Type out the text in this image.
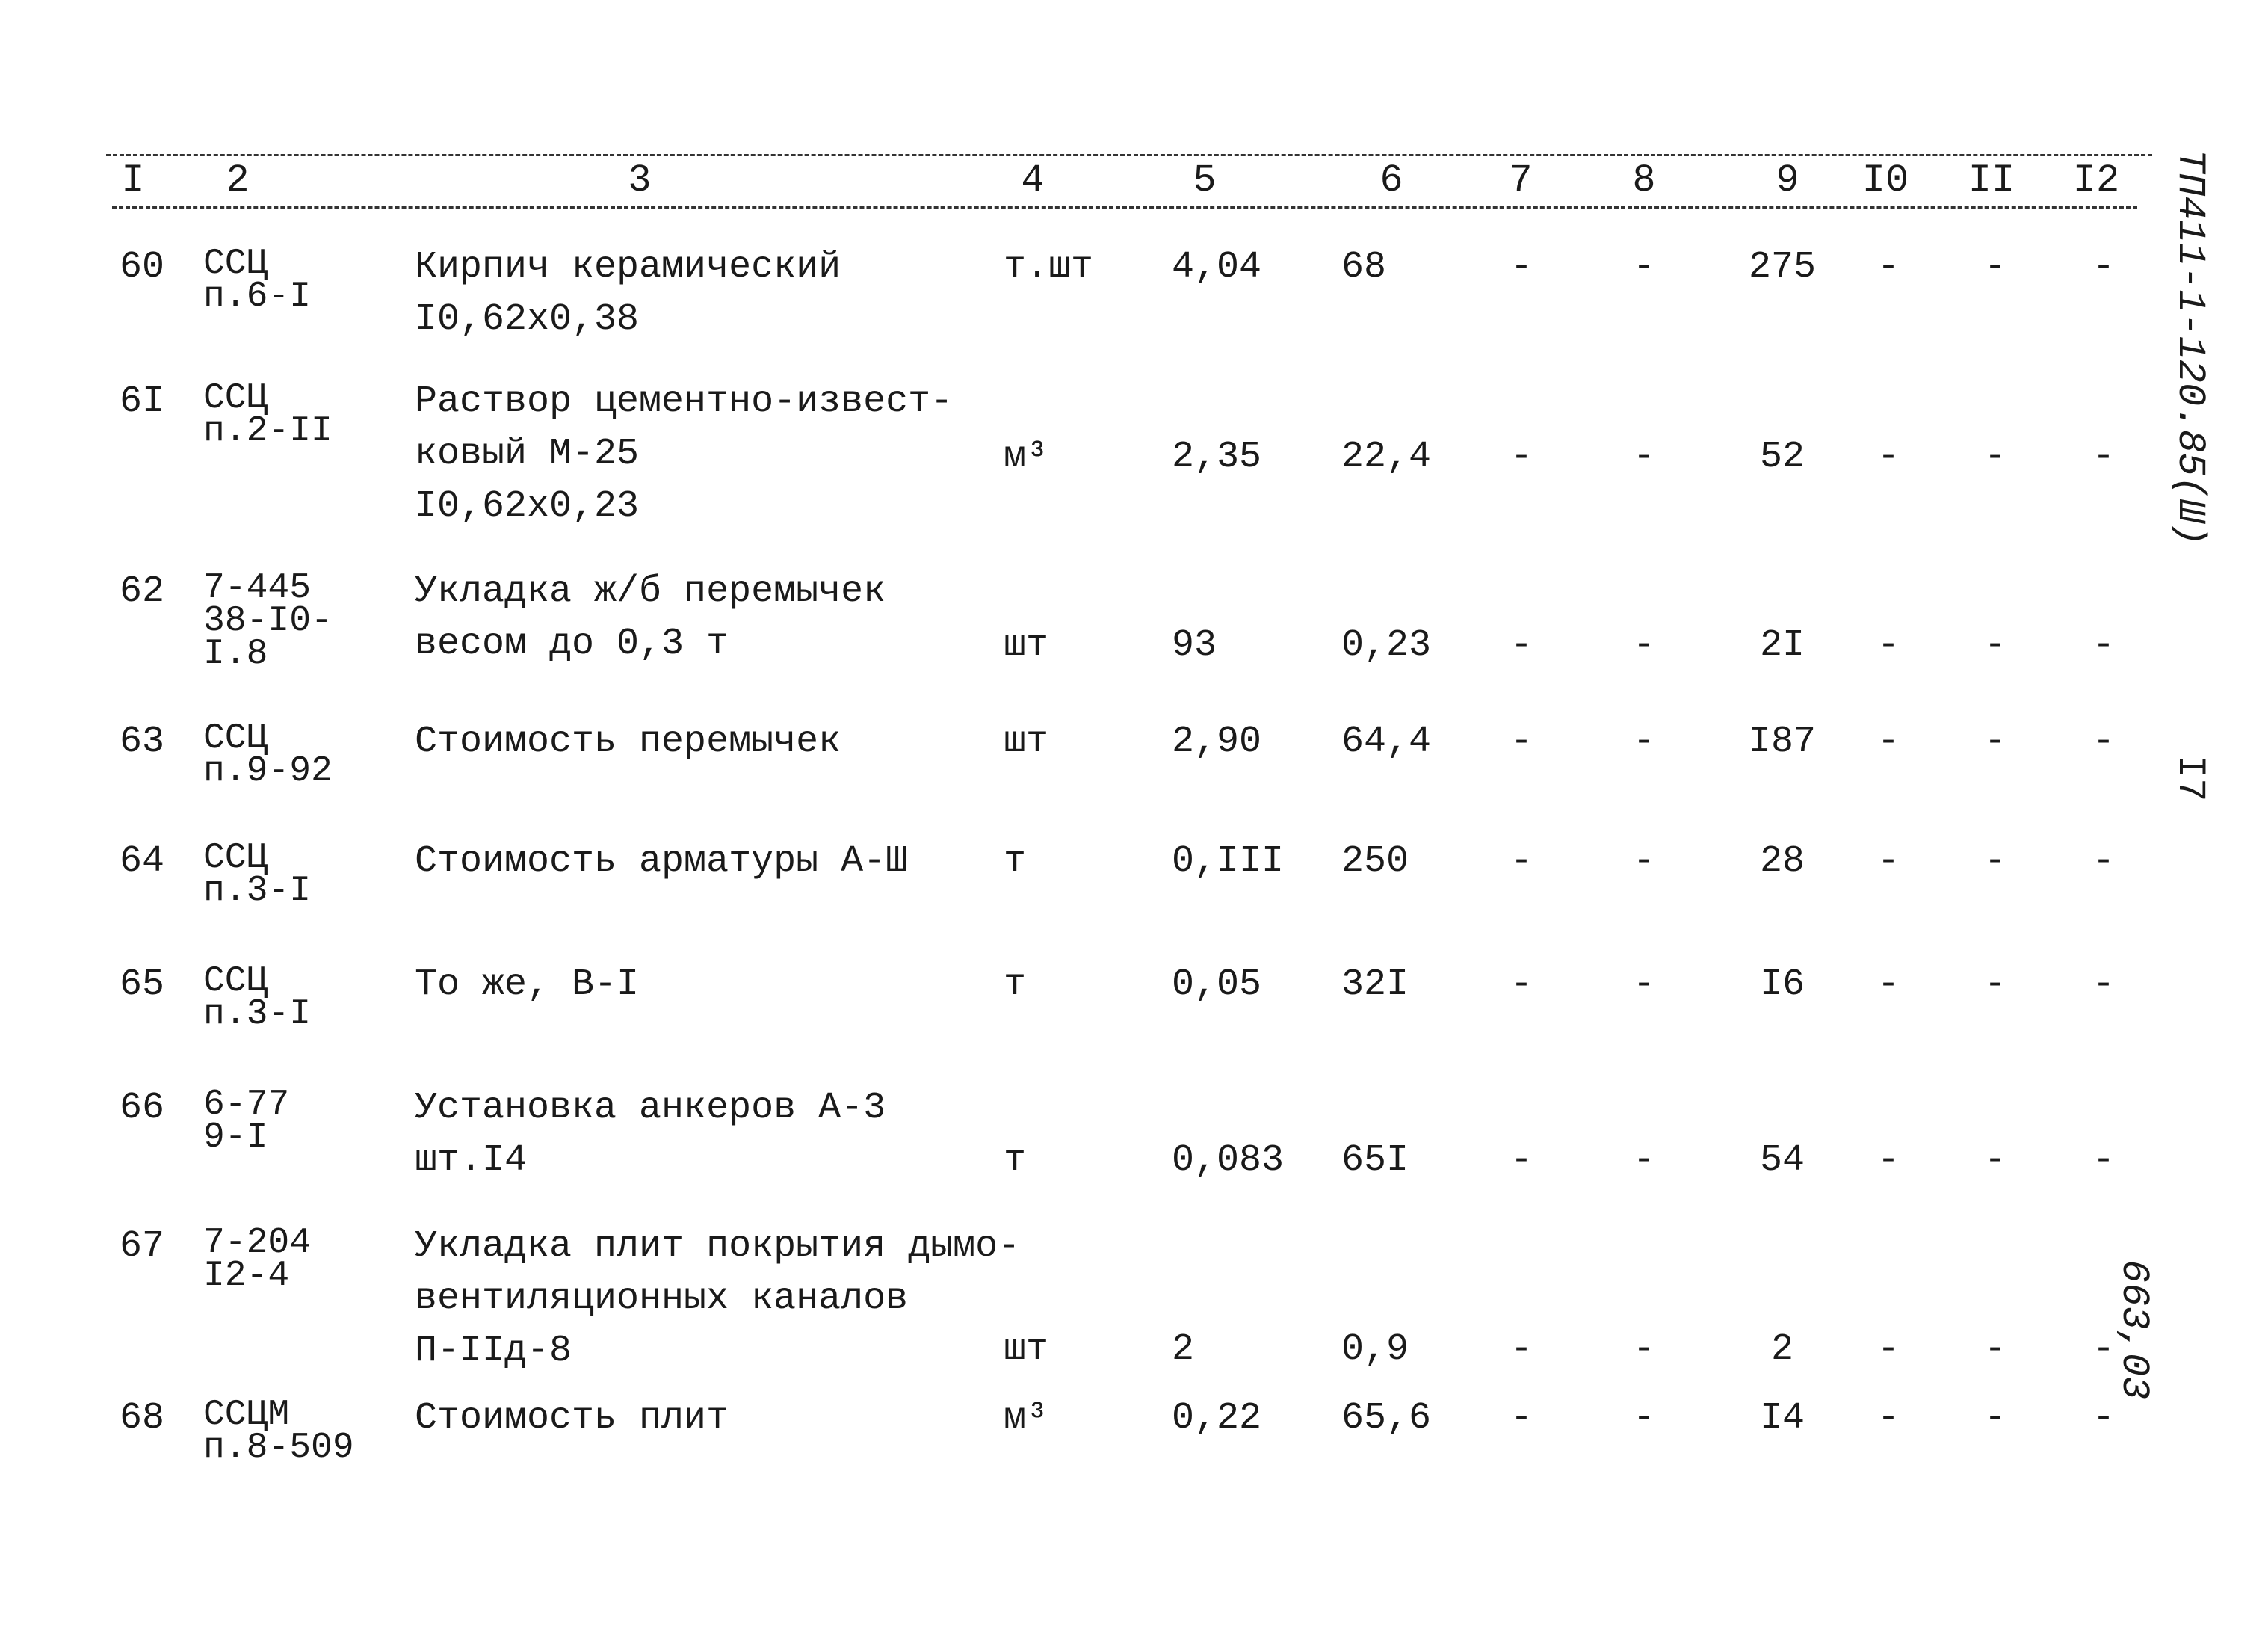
I 2	3	4	5	6	7	8	9 I0 II I2
60 ССЦ
п.6-I
Кирпич керамический
I0,62х0,38
т.шт 4,04 68	-	- 275 - - -
6I ССЦ
п.2-II
Раствор цементно-извест-
ковый М-25
I0,62х0,23
м³	2,35 22,4 -	-	52 - - -
62 7-445
38-I0-
I.8
Укладка ж/б перемычек
весом до 0,3 т	шт	93	0,23 -	-	2I - - -
63 ССЦ
п.9-92
Стоимость перемычек	шт	2,90 64,4 -	- I87 - - -
64 ССЦ
п.3-I
Стоимость арматуры А-Ш	т	0,III 250	-	-	28 - - -
65 ССЦ
п.3-I
То же, В-I	т	0,05 32I	-	-	I6 - - -
66 6-77
9-I
Установка анкеров А-3
шт.I4	т	0,083 65I	-	-	54 - - -
67 7-204
I2-4
Укладка плит покрытия дымо-
вентиляционных каналов
П-IIд-8	шт	2	0,9	-	-	2 - - -
68 ССЦМ
п.8-509
Стоимость плит	м³	0,22 65,6 -	-	I4 - - -
ТП411-1-120.85(Ш)
I7
663,03
